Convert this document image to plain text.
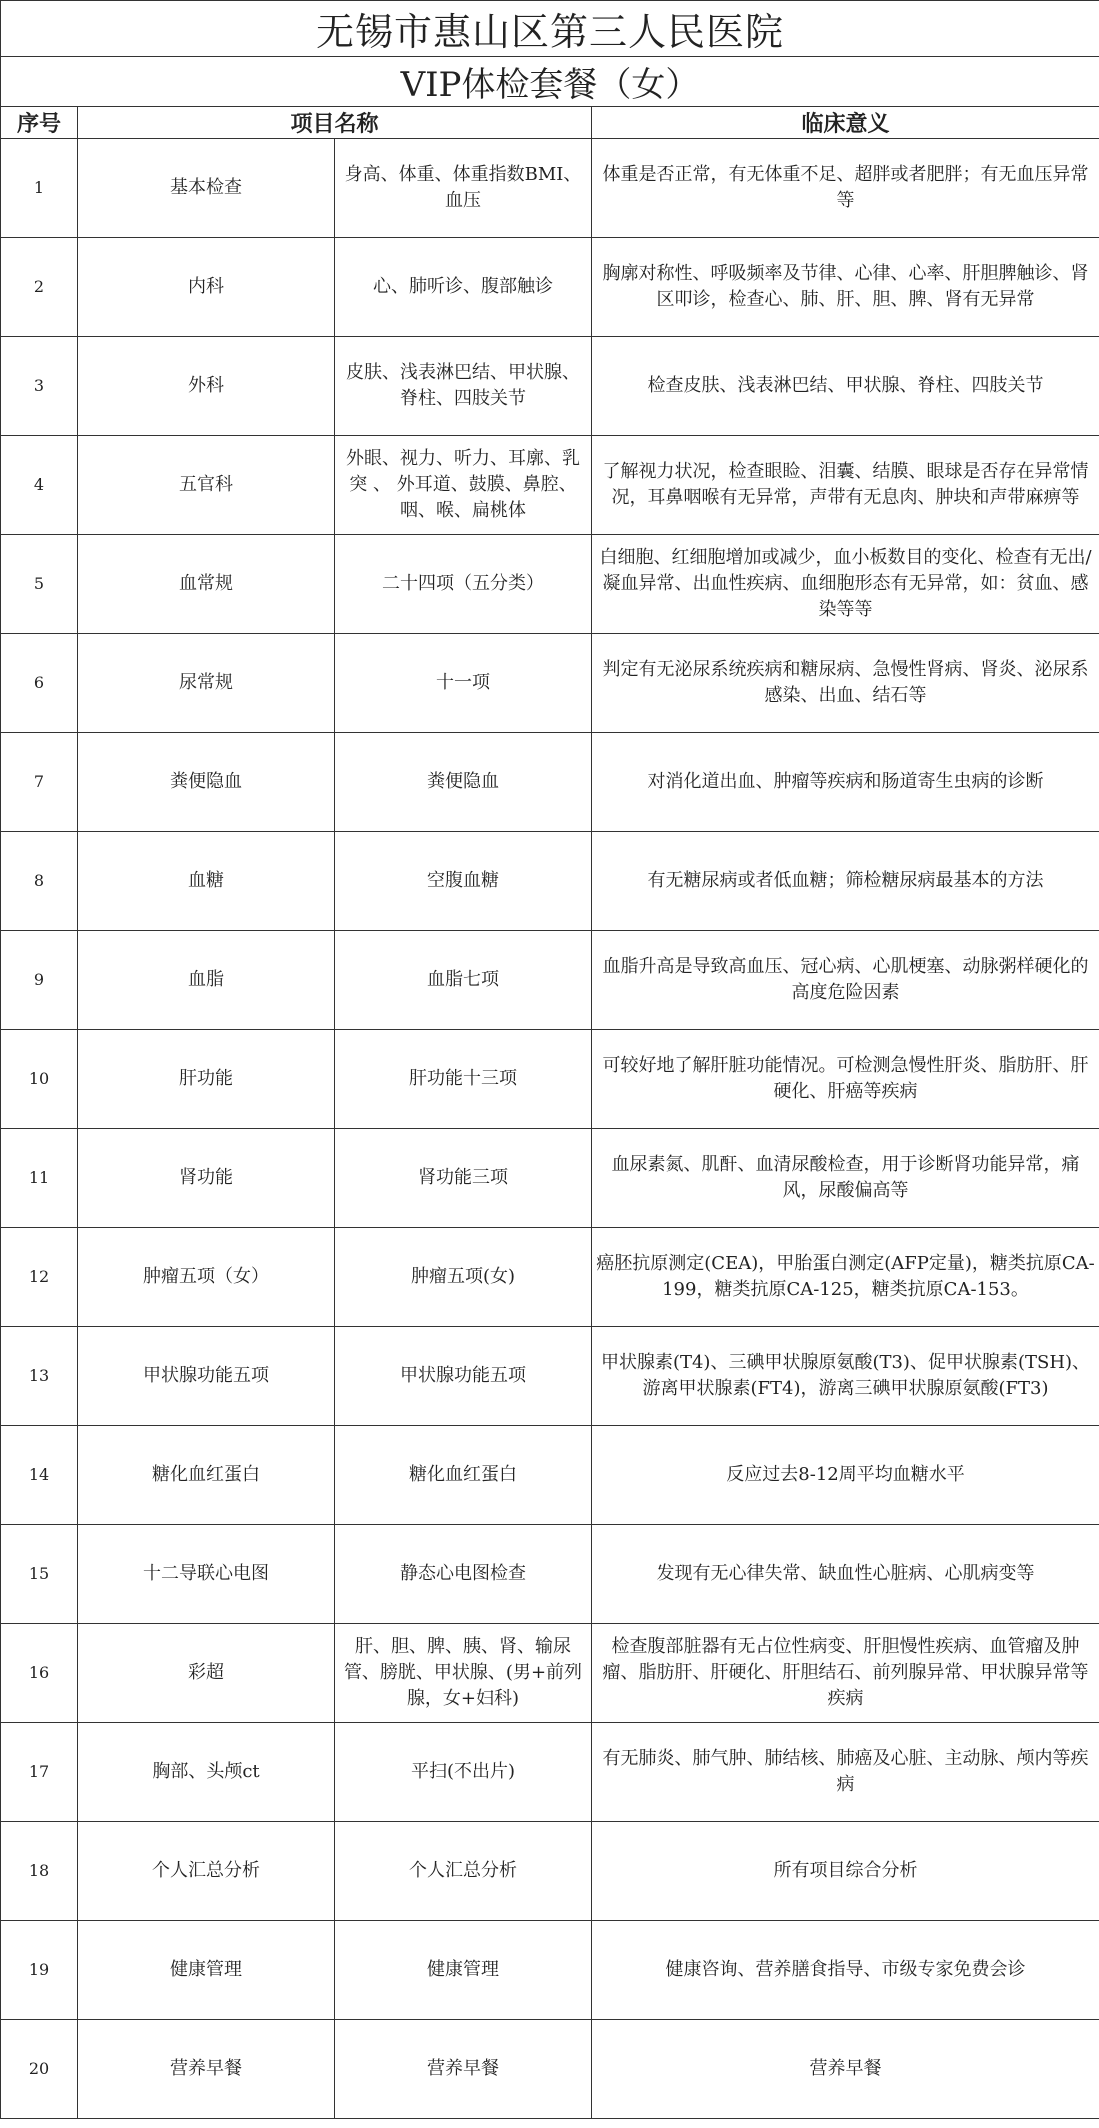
无锡市惠山区第三人民医院			
VIP体检套餐（女）			
序号	项目名称		临床意义
1	基本检查	身高、体重、体重指数BMI、血压	体重是否正常，有无体重不足、超胖或者肥胖；有无血压异常等
2	内科	心、肺听诊、腹部触诊	胸廓对称性、呼吸频率及节律、心律、心率、肝胆脾触诊、肾区叩诊，检查心、肺、肝、胆、脾、肾有无异常
3	外科	皮肤、浅表淋巴结、甲状腺、脊柱、四肢关节	检查皮肤、浅表淋巴结、甲状腺、脊柱、四肢关节
4	五官科	外眼、视力、听力、耳廓、乳突 、 外耳道、鼓膜、鼻腔、咽、喉、扁桃体	了解视力状况，检查眼睑、泪囊、结膜、眼球是否存在异常情况，耳鼻咽喉有无异常，声带有无息肉、肿块和声带麻痹等
5	血常规	二十四项（五分类）	白细胞、红细胞增加或减少，血小板数目的变化、检查有无出/ 凝血异常、出血性疾病、血细胞形态有无异常，如：贫血、感染等等
6	尿常规	十一项	判定有无泌尿系统疾病和糖尿病、急慢性肾病、肾炎、泌尿系感染、出血、结石等
7	粪便隐血	粪便隐血	对消化道出血、肿瘤等疾病和肠道寄生虫病的诊断
8	血糖	空腹血糖	有无糖尿病或者低血糖；筛检糖尿病最基本的方法
9	血脂	血脂七项	血脂升高是导致高血压、冠心病、心肌梗塞、动脉粥样硬化的高度危险因素
10	肝功能	肝功能十三项	可较好地了解肝脏功能情况。可检测急慢性肝炎、脂肪肝、肝硬化、肝癌等疾病
11	肾功能	肾功能三项	血尿素氮、肌酐、血清尿酸检查，用于诊断肾功能异常，痛风，尿酸偏高等
12	肿瘤五项（女）	肿瘤五项(女)	癌胚抗原测定(CEA)，甲胎蛋白测定(AFP定量)，糖类抗原CA-199，糖类抗原CA-125，糖类抗原CA-153。
13	甲状腺功能五项	甲状腺功能五项	甲状腺素(T4)、三碘甲状腺原氨酸(T3)、促甲状腺素(TSH)、游离甲状腺素(FT4)，游离三碘甲状腺原氨酸(FT3)
14	糖化血红蛋白	糖化血红蛋白	反应过去8-12周平均血糖水平
15	十二导联心电图	静态心电图检查	发现有无心律失常、缺血性心脏病、心肌病变等
16	彩超	肝、胆、脾、胰、肾、输尿管、膀胱、甲状腺、(男+前列腺，女+妇科)	检查腹部脏器有无占位性病变、肝胆慢性疾病、血管瘤及肿瘤、脂肪肝、肝硬化、肝胆结石、前列腺异常、甲状腺异常等疾病
17	胸部、头颅ct	平扫(不出片)	有无肺炎、肺气肿、肺结核、肺癌及心脏、主动脉、颅内等疾病
18	个人汇总分析	个人汇总分析	所有项目综合分析
19	健康管理	健康管理	健康咨询、营养膳食指导、市级专家免费会诊
20	营养早餐	营养早餐	营养早餐
